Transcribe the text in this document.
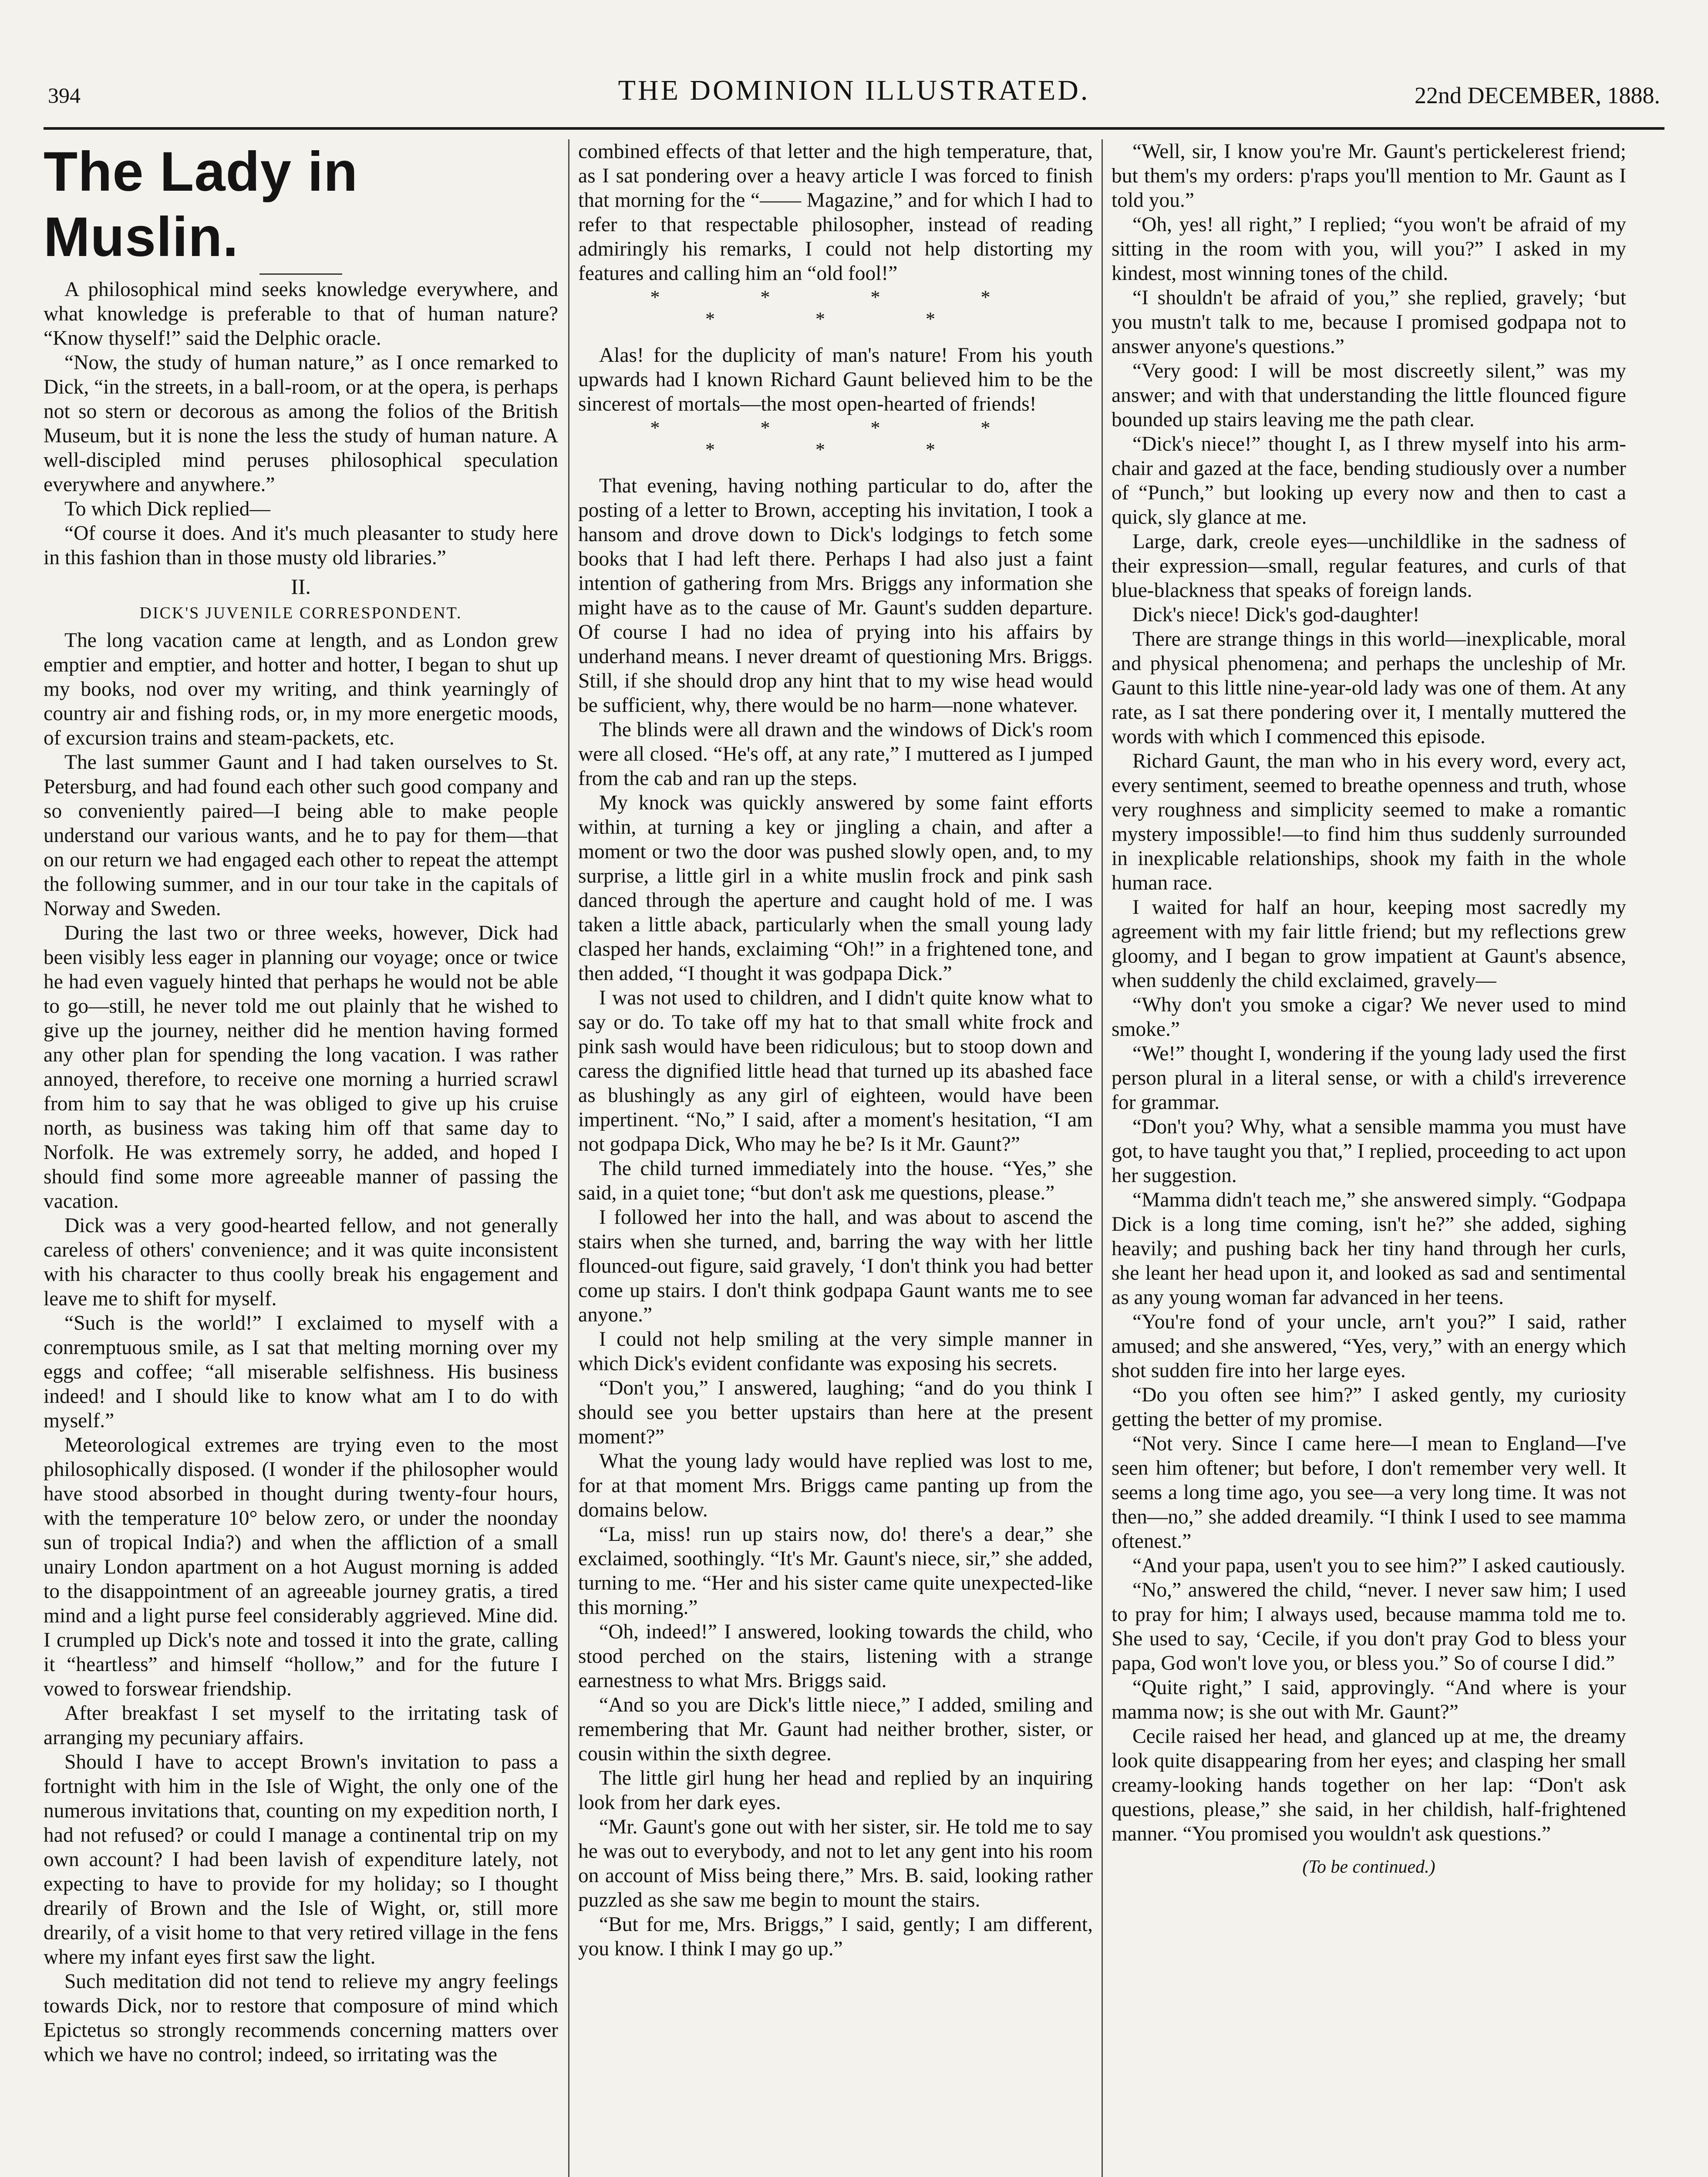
394	THE DOMINION ILLUSTRATED.	22nd DECEMBER, 1888.
The Lady in Muslin.

A philosophical mind seeks knowledge everywhere, and what knowledge is preferable to that of human nature? “Know thyself!” said the Delphic oracle.

“Now, the study of human nature,” as I once remarked to Dick, “in the streets, in a ball-room, or at the opera, is perhaps not so stern or decorous as among the folios of the British Museum, but it is none the less the study of human nature. A well-discipled mind peruses philosophical speculation everywhere and anywhere.”

To which Dick replied—

“Of course it does. And it's much pleasanter to study here in this fashion than in those musty old libraries.”

II.
DICK'S JUVENILE CORRESPONDENT.

The long vacation came at length, and as London grew emptier and emptier, and hotter and hotter, I began to shut up my books, nod over my writing, and think yearningly of country air and fishing rods, or, in my more energetic moods, of excursion trains and steam-packets, etc.

The last summer Gaunt and I had taken ourselves to St. Petersburg, and had found each other such good company and so conveniently paired—I being able to make people understand our various wants, and he to pay for them—that on our return we had engaged each other to repeat the attempt the following summer, and in our tour take in the capitals of Norway and Sweden.

During the last two or three weeks, however, Dick had been visibly less eager in planning our voyage; once or twice he had even vaguely hinted that perhaps he would not be able to go—still, he never told me out plainly that he wished to give up the journey, neither did he mention having formed any other plan for spending the long vacation. I was rather annoyed, therefore, to receive one morning a hurried scrawl from him to say that he was obliged to give up his cruise north, as business was taking him off that same day to Norfolk. He was extremely sorry, he added, and hoped I should find some more agreeable manner of passing the vacation.

Dick was a very good-hearted fellow, and not generally careless of others' convenience; and it was quite inconsistent with his character to thus coolly break his engagement and leave me to shift for myself.

“Such is the world!” I exclaimed to myself with a conremptuous smile, as I sat that melting morning over my eggs and coffee; “all miserable selfishness. His business indeed! and I should like to know what am I to do with myself.”

Meteorological extremes are trying even to the most philosophically disposed. (I wonder if the philosopher would have stood absorbed in thought during twenty-four hours, with the temperature 10° below zero, or under the noonday sun of tropical India?) and when the affliction of a small unairy London apartment on a hot August morning is added to the disappointment of an agreeable journey gratis, a tired mind and a light purse feel considerably aggrieved. Mine did. I crumpled up Dick's note and tossed it into the grate, calling it “heartless” and himself “hollow,” and for the future I vowed to forswear friendship.

After breakfast I set myself to the irritating task of arranging my pecuniary affairs.

Should I have to accept Brown's invitation to pass a fortnight with him in the Isle of Wight, the only one of the numerous invitations that, counting on my expedition north, I had not refused? or could I manage a continental trip on my own account? I had been lavish of expenditure lately, not expecting to have to provide for my holiday; so I thought drearily of Brown and the Isle of Wight, or, still more drearily, of a visit home to that very retired village in the fens where my infant eyes first saw the light.

Such meditation did not tend to relieve my angry feelings towards Dick, nor to restore that composure of mind which Epictetus so strongly recommends concerning matters over which we have no control; indeed, so irritating was the

combined effects of that letter and the high temperature, that, as I sat pondering over a heavy article I was forced to finish that morning for the “—— Magazine,” and for which I had to refer to that respectable philosopher, instead of reading admiringly his remarks, I could not help distorting my features and calling him an “old fool!”

* * * * * * *

Alas! for the duplicity of man's nature! From his youth upwards had I known Richard Gaunt believed him to be the sincerest of mortals—the most open-hearted of friends!

* * * * * * *

That evening, having nothing particular to do, after the posting of a letter to Brown, accepting his invitation, I took a hansom and drove down to Dick's lodgings to fetch some books that I had left there. Perhaps I had also just a faint intention of gathering from Mrs. Briggs any information she might have as to the cause of Mr. Gaunt's sudden departure. Of course I had no idea of prying into his affairs by underhand means. I never dreamt of questioning Mrs. Briggs. Still, if she should drop any hint that to my wise head would be sufficient, why, there would be no harm—none whatever.

The blinds were all drawn and the windows of Dick's room were all closed. “He's off, at any rate,” I muttered as I jumped from the cab and ran up the steps.

My knock was quickly answered by some faint efforts within, at turning a key or jingling a chain, and after a moment or two the door was pushed slowly open, and, to my surprise, a little girl in a white muslin frock and pink sash danced through the aperture and caught hold of me. I was taken a little aback, particularly when the small young lady clasped her hands, exclaiming “Oh!” in a frightened tone, and then added, “I thought it was godpapa Dick.”

I was not used to children, and I didn't quite know what to say or do. To take off my hat to that small white frock and pink sash would have been ridiculous; but to stoop down and caress the dignified little head that turned up its abashed face as blushingly as any girl of eighteen, would have been impertinent. “No,” I said, after a moment's hesitation, “I am not godpapa Dick, Who may he be? Is it Mr. Gaunt?”

The child turned immediately into the house. “Yes,” she said, in a quiet tone; “but don't ask me questions, please.”

I followed her into the hall, and was about to ascend the stairs when she turned, and, barring the way with her little flounced-out figure, said gravely, ‘I don't think you had better come up stairs. I don't think godpapa Gaunt wants me to see anyone.”

I could not help smiling at the very simple manner in which Dick's evident confidante was exposing his secrets.

“Don't you,” I answered, laughing; “and do you think I should see you better upstairs than here at the present moment?”

What the young lady would have replied was lost to me, for at that moment Mrs. Briggs came panting up from the domains below.

“La, miss! run up stairs now, do! there's a dear,” she exclaimed, soothingly. “It's Mr. Gaunt's niece, sir,” she added, turning to me. “Her and his sister came quite unexpected-like this morning.”

“Oh, indeed!” I answered, looking towards the child, who stood perched on the stairs, listening with a strange earnestness to what Mrs. Briggs said.

“And so you are Dick's little niece,” I added, smiling and remembering that Mr. Gaunt had neither brother, sister, or cousin within the sixth degree.

The little girl hung her head and replied by an inquiring look from her dark eyes.

“Mr. Gaunt's gone out with her sister, sir. He told me to say he was out to everybody, and not to let any gent into his room on account of Miss being there,” Mrs. B. said, looking rather puzzled as she saw me begin to mount the stairs.

“But for me, Mrs. Briggs,” I said, gently; I am different, you know. I think I may go up.”

“Well, sir, I know you're Mr. Gaunt's pertickelerest friend; but them's my orders: p'raps you'll mention to Mr. Gaunt as I told you.”

“Oh, yes! all right,” I replied; “you won't be afraid of my sitting in the room with you, will you?” I asked in my kindest, most winning tones of the child.

“I shouldn't be afraid of you,” she replied, gravely; ‘but you mustn't talk to me, because I promised godpapa not to answer anyone's questions.”

“Very good: I will be most discreetly silent,” was my answer; and with that understanding the little flounced figure bounded up stairs leaving me the path clear.

“Dick's niece!” thought I, as I threw myself into his arm-chair and gazed at the face, bending studiously over a number of “Punch,” but looking up every now and then to cast a quick, sly glance at me.

Large, dark, creole eyes—unchildlike in the sadness of their expression—small, regular features, and curls of that blue-blackness that speaks of foreign lands.

Dick's niece! Dick's god-daughter!

There are strange things in this world—inexplicable, moral and physical phenomena; and perhaps the uncleship of Mr. Gaunt to this little nine-year-old lady was one of them. At any rate, as I sat there pondering over it, I mentally muttered the words with which I commenced this episode.

Richard Gaunt, the man who in his every word, every act, every sentiment, seemed to breathe openness and truth, whose very roughness and simplicity seemed to make a romantic mystery impossible!—to find him thus suddenly surrounded in inexplicable relationships, shook my faith in the whole human race.

I waited for half an hour, keeping most sacredly my agreement with my fair little friend; but my reflections grew gloomy, and I began to grow impatient at Gaunt's absence, when suddenly the child exclaimed, gravely—

“Why don't you smoke a cigar? We never used to mind smoke.”

“We!” thought I, wondering if the young lady used the first person plural in a literal sense, or with a child's irreverence for grammar.

“Don't you? Why, what a sensible mamma you must have got, to have taught you that,” I replied, proceeding to act upon her suggestion.

“Mamma didn't teach me,” she answered simply. “Godpapa Dick is a long time coming, isn't he?” she added, sighing heavily; and pushing back her tiny hand through her curls, she leant her head upon it, and looked as sad and sentimental as any young woman far advanced in her teens.

“You're fond of your uncle, arn't you?” I said, rather amused; and she answered, “Yes, very,” with an energy which shot sudden fire into her large eyes.

“Do you often see him?” I asked gently, my curiosity getting the better of my promise.

“Not very. Since I came here—I mean to England—I've seen him oftener; but before, I don't remember very well. It seems a long time ago, you see—a very long time. It was not then—no,” she added dreamily. “I think I used to see mamma oftenest.”

“And your papa, usen't you to see him?” I asked cautiously.

“No,” answered the child, “never. I never saw him; I used to pray for him; I always used, because mamma told me to. She used to say, ‘Cecile, if you don't pray God to bless your papa, God won't love you, or bless you.” So of course I did.”

“Quite right,” I said, approvingly. “And where is your mamma now; is she out with Mr. Gaunt?”

Cecile raised her head, and glanced up at me, the dreamy look quite disappearing from her eyes; and clasping her small creamy-looking hands together on her lap: “Don't ask questions, please,” she said, in her childish, half-frightened manner. “You promised you wouldn't ask questions.”

(To be continued.)
